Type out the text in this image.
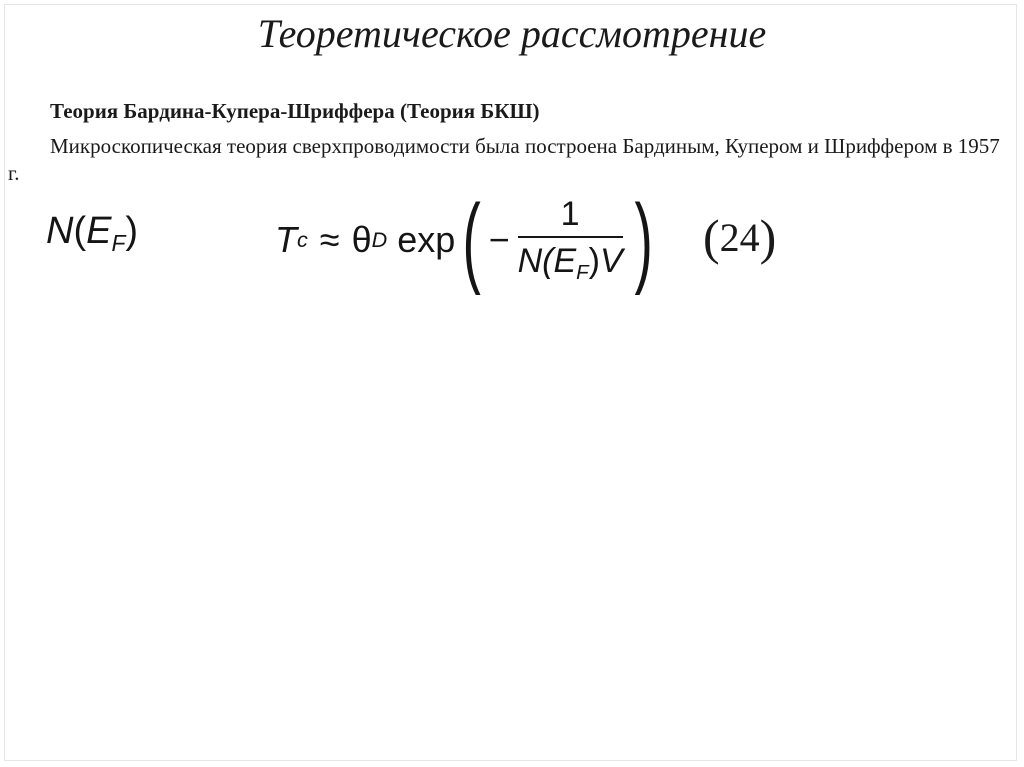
Теоретическое рассмотрение
Теория Бардина-Купера-Шриффера (Теория БКШ)
Микроскопическая теория сверхпроводимости была построена Бардиным, Купером и Шриффером в 1957 г.
$N(E_F)$	T c ≈ θ D exp ( − $\frac{1}{N(E_F)V}$ ) (24)
